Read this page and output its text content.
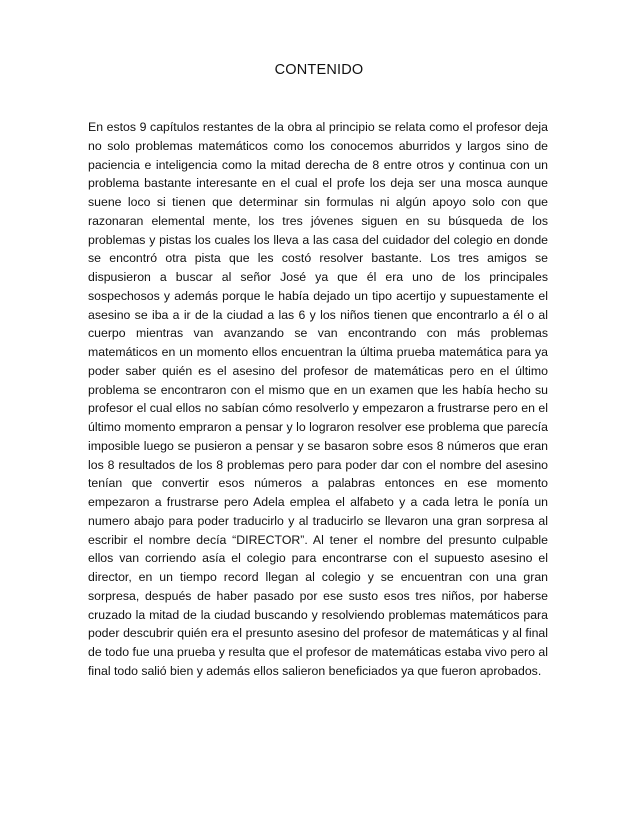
CONTENIDO

En estos 9 capítulos restantes de la obra al principio se relata como el profesor deja no solo problemas matemáticos como los conocemos aburridos y largos sino de paciencia e inteligencia como la mitad derecha de 8 entre otros y continua con un problema bastante interesante en el cual el profe los deja ser una mosca aunque suene loco si tienen que determinar sin formulas ni algún apoyo solo con que razonaran elemental mente, los tres jóvenes siguen en su búsqueda de los problemas y pistas los cuales los lleva a las casa del cuidador del colegio en donde se encontró otra pista que les costó resolver bastante. Los tres amigos se dispusieron a buscar al señor José ya que él era uno de los principales sospechosos y además porque le había dejado un tipo acertijo y supuestamente el asesino se iba a ir de la ciudad a las 6 y los niños tienen que encontrarlo a él o al cuerpo mientras van avanzando se van encontrando con más problemas matemáticos en un momento ellos encuentran la última prueba matemática para ya poder saber quién es el asesino del profesor de matemáticas pero en el último problema se encontraron con el mismo que en un examen que les había hecho su profesor el cual ellos no sabían cómo resolverlo y empezaron a frustrarse pero en el último momento empraron a pensar y lo lograron resolver ese problema que parecía imposible luego se pusieron a pensar y se basaron sobre esos 8 números que eran los 8 resultados de los 8 problemas pero para poder dar con el nombre del asesino tenían que convertir esos números a palabras entonces en ese momento empezaron a frustrarse pero Adela emplea el alfabeto y a cada letra le ponía un numero abajo para poder traducirlo y al traducirlo se llevaron una gran sorpresa al escribir el nombre decía “DIRECTOR”. Al tener el nombre del presunto culpable ellos van corriendo asía el colegio para encontrarse con el supuesto asesino el director, en un tiempo record llegan al colegio y se encuentran con una gran sorpresa, después de haber pasado por ese susto esos tres niños, por haberse cruzado la mitad de la ciudad buscando y resolviendo problemas matemáticos para poder descubrir quién era el presunto asesino del profesor de matemáticas y al final de todo fue una prueba y resulta que el profesor de matemáticas estaba vivo pero al final todo salió bien y además ellos salieron beneficiados ya que fueron aprobados.
